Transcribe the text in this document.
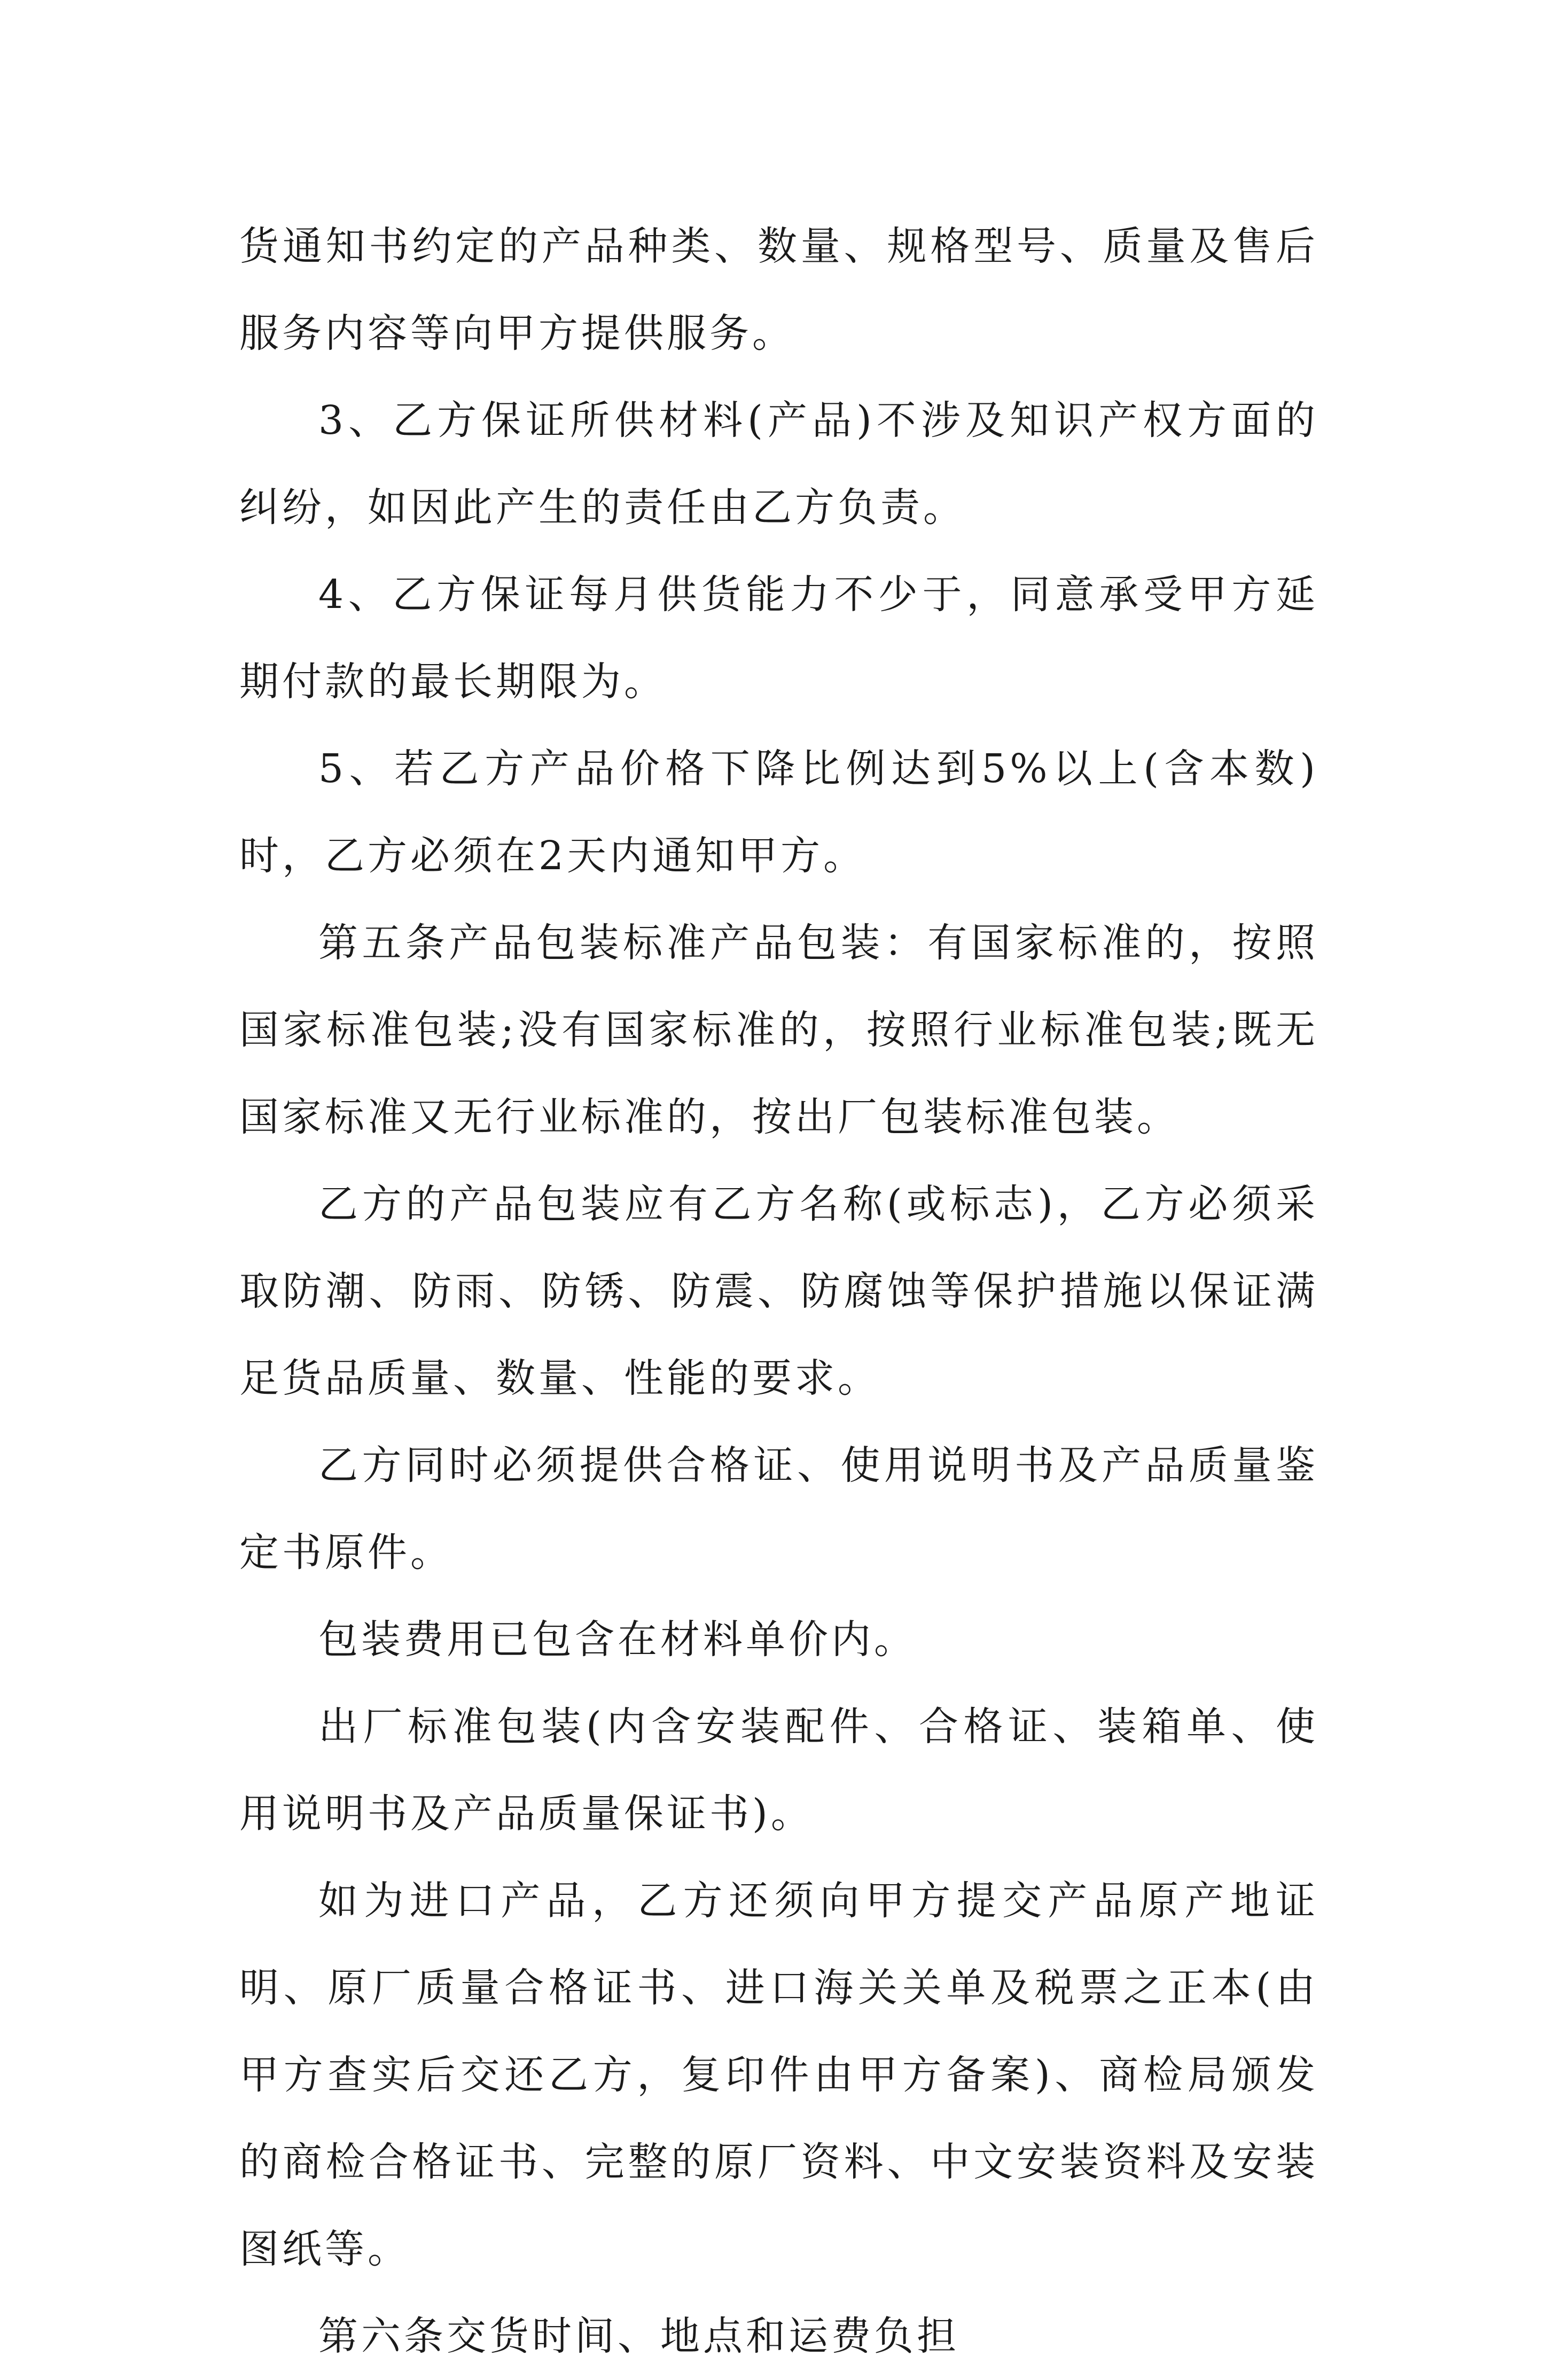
货通知书约定的产品种类、数量、规格型号、质量及售后服务内容等向甲方提供服务。

3、乙方保证所供材料(产品)不涉及知识产权方面的纠纷，如因此产生的责任由乙方负责。

4、乙方保证每月供货能力不少于，同意承受甲方延期付款的最长期限为。

5、若乙方产品价格下降比例达到5%以上(含本数)时，乙方必须在2天内通知甲方。

第五条产品包装标准产品包装：有国家标准的，按照国家标准包装;没有国家标准的，按照行业标准包装;既无国家标准又无行业标准的，按出厂包装标准包装。

乙方的产品包装应有乙方名称(或标志)，乙方必须采取防潮、防雨、防锈、防震、防腐蚀等保护措施以保证满足货品质量、数量、性能的要求。

乙方同时必须提供合格证、使用说明书及产品质量鉴定书原件。

包装费用已包含在材料单价内。

出厂标准包装(内含安装配件、合格证、装箱单、使用说明书及产品质量保证书)。

如为进口产品，乙方还须向甲方提交产品原产地证明、原厂质量合格证书、进口海关关单及税票之正本(由甲方查实后交还乙方，复印件由甲方备案)、商检局颁发的商检合格证书、完整的原厂资料、中文安装资料及安装图纸等。

第六条交货时间、地点和运费负担
